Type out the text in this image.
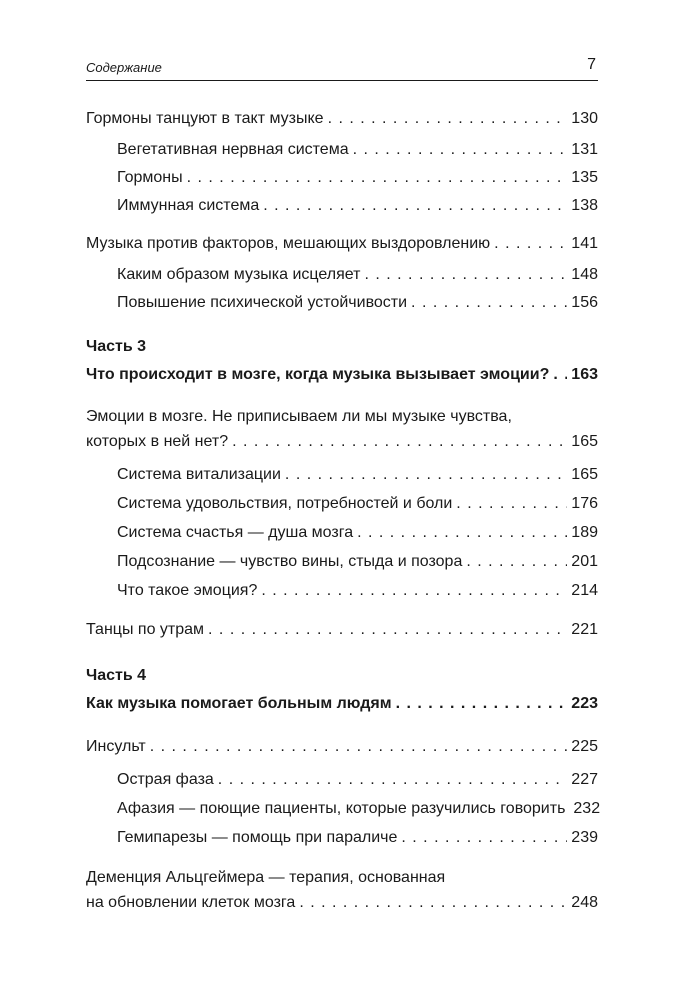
Содержание	7
Гормоны танцуют в такт музыке . . .	130
Вегетативная нервная система . . .	131
Гормоны . . .	135
Иммунная система . . .	138
Музыка против факторов, мешающих выздоровлению . . .	141
Каким образом музыка исцеляет . . .	148
Повышение психической устойчивости . . .	156
Часть 3
Что происходит в мозге, когда музыка вызывает эмоции? . . . 163
Эмоции в мозге. Не приписываем ли мы музыке чувства,
которых в ней нет? . . .	165
Система витализации . . .	165
Система удовольствия, потребностей и боли . . .	176
Система счастья — душа мозга . . .	189
Подсознание — чувство вины, стыда и позора . . .	201
Что такое эмоция? . . .	214
Танцы по утрам . . .	221
Часть 4
Как музыка помогает больным людям . . .	223
Инсульт . . .	225
Острая фаза . . .	227
Афазия — поющие пациенты, которые разучились говорить 232
Гемипарезы — помощь при параличе . . .	239
Деменция Альцгеймера — терапия, основанная
на обновлении клеток мозга . . .	248
